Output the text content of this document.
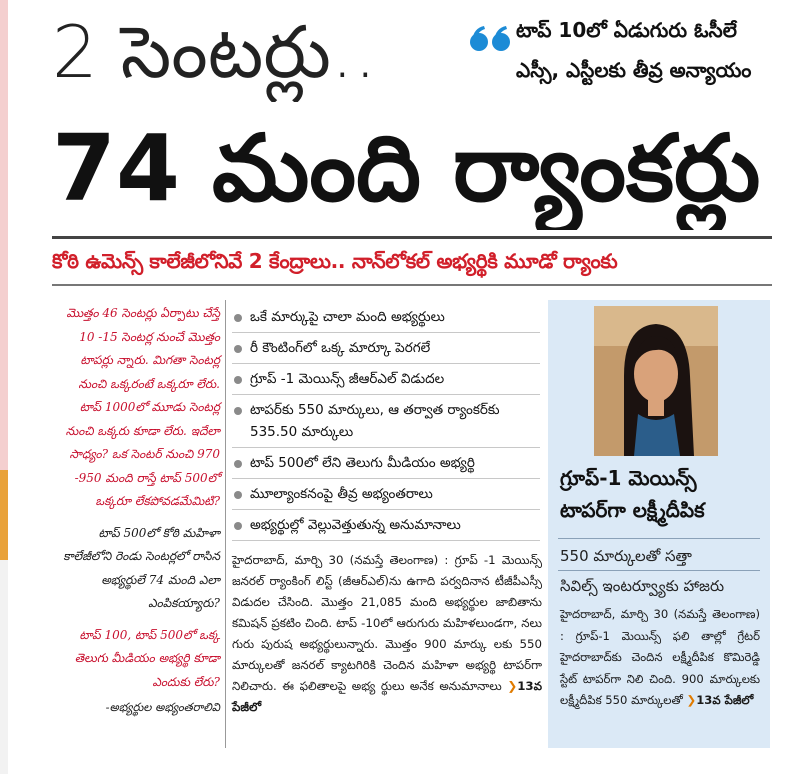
2 సెంటర్లు..	టాప్ 10లో ఏడుగురు ఓసీలే
ఎస్సీ, ఎస్టీలకు తీవ్ర అన్యాయం
74 మంది ర్యాంకర్లు
కోఠి ఉమెన్స్ కాలేజీలోనివే 2 కేంద్రాలు.. నాన్‌లోకల్ అభ్యర్థికి మూడో ర్యాంకు

మొత్తం 46 సెంటర్లు ఏర్పాటు చేస్తే 10 -15 సెంటర్ల నుంచే మొత్తం టాపర్లు న్నారు. మిగతా సెంటర్ల నుంచి ఒక్కరంటే ఒక్కరూ లేరు. టాప్ 1000లో మూడు సెంటర్ల నుంచి ఒక్కరు కూడా లేరు. ఇదేలా సాధ్యం? ఒక సెంటర్ నుంచి 970 -950 మంది రాస్తే టాప్ 500లో ఒక్కరూ లేకపోవడమేమిటి?

టాప్ 500లో కోఠి మహిళా కాలేజీలోని రెండు సెంటర్లలో రాసిన అభ్యర్థులే 74 మంది ఎలా ఎంపికయ్యారు?

టాప్ 100, టాప్ 500లో ఒక్క తెలుగు మీడియం అభ్యర్థి కూడా ఎందుకు లేరు?

-అభ్యర్థుల అభ్యంతరాలివి
ఒకే మార్కుపై చాలా మంది అభ్యర్థులు
రీ కౌంటింగ్‌లో ఒక్క మార్కూ పెరగలే
గ్రూప్ -1 మెయిన్స్ జీఆర్ఎల్ విడుదల
టాపర్‌కు 550 మార్కులు, ఆ తర్వాత ర్యాంకర్‌కు 535.50 మార్కులు
టాప్ 500లో లేని తెలుగు మీడియం అభ్యర్థి
మూల్యాంకనంపై తీవ్ర అభ్యంతరాలు
అభ్యర్థుల్లో వెల్లువెత్తుతున్న అనుమానాలు
హైదరాబాద్, మార్చి 30 (నమస్తే తెలంగాణ) : గ్రూప్ -1 మెయిన్స్ జనరల్ ర్యాంకింగ్ లిస్ట్ (జీఆర్ఎల్)ను ఉగాది పర్వదినాన టీజీపీఎస్సీ విడుదల చేసింది. మొత్తం 21,085 మంది అభ్యర్థుల జాబితాను కమిషన్ ప్రకటిం చింది. టాప్ -10లో ఆరుగురు మహిళలుండగా, నలు గురు పురుష అభ్యర్థులున్నారు. మొత్తం 900 మార్కు లకు 550 మార్కులతో జనరల్ క్యాటగిరికి చెందిన మహిళా అభ్యర్థి టాపర్‌గా నిలిచారు. ఈ ఫలితాలపై అభ్య ర్థులు అనేక అనుమానాలు ❯13వ పేజీలో
గ్రూప్-1 మెయిన్స్ టాపర్‌గా లక్ష్మీదీపిక
550 మార్కులతో సత్తా
సివిల్స్ ఇంటర్వ్యూకు హాజరు
హైదరాబాద్, మార్చి 30 (నమస్తే తెలంగాణ) : గ్రూప్-1 మెయిన్స్ ఫలి తాల్లో గ్రేటర్ హైదరాబాద్‌కు చెందిన లక్ష్మీదీపిక కొమిరెడ్డి స్టేట్ టాపర్‌గా నిలి చింది. 900 మార్కులకు లక్ష్మీదీపిక 550 మార్కులతో ❯13వ పేజీలో
